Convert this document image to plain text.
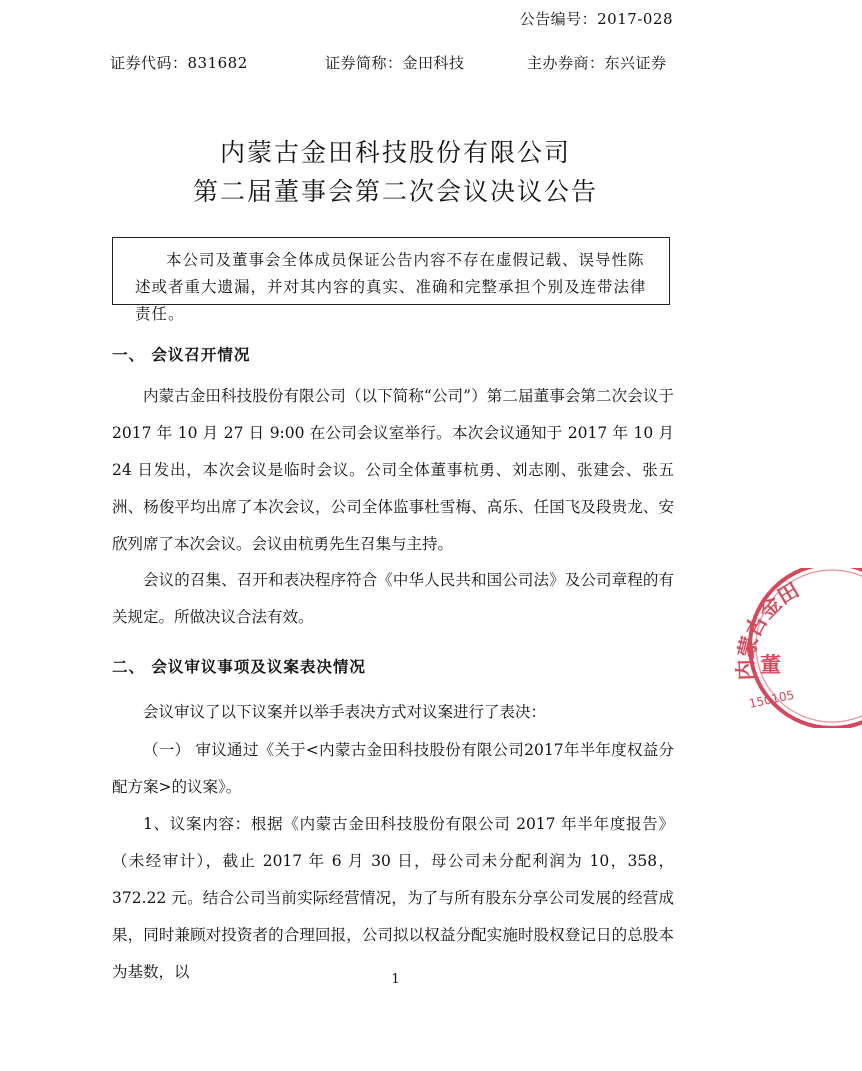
公告编号：2017-028
证券代码：831682	证券简称：金田科技	主办券商：东兴证券
内蒙古金田科技股份有限公司
第二届董事会第二次会议决议公告
本公司及董事会全体成员保证公告内容不存在虚假记载、误导性陈述或者重大遗漏，并对其内容的真实、准确和完整承担个别及连带法律责任。
一、 会议召开情况

内蒙古金田科技股份有限公司（以下简称“公司”）第二届董事会第二次会议于 2017 年 10 月 27 日 9:00 在公司会议室举行。本次会议通知于 2017 年 10 月 24 日发出，本次会议是临时会议。公司全体董事杭勇、刘志刚、张建会、张五洲、杨俊平均出席了本次会议，公司全体监事杜雪梅、高乐、任国飞及段贵龙、安欣列席了本次会议。会议由杭勇先生召集与主持。

会议的召集、召开和表决程序符合《中华人民共和国公司法》及公司章程的有关规定。所做决议合法有效。

二、 会议审议事项及议案表决情况

会议审议了以下议案并以举手表决方式对议案进行了表决：

（一） 审议通过《关于<内蒙古金田科技股份有限公司2017年半年度权益分配方案>的议案》。

1、议案内容：根据《内蒙古金田科技股份有限公司 2017 年半年度报告》（未经审计），截止 2017 年 6 月 30 日，母公司未分配利润为 10，358，372.22 元。结合公司当前实际经营情况，为了与所有股东分享公司发展的经营成果，同时兼顾对投资者的合理回报，公司拟以权益分配实施时股权登记日的总股本为基数，以	1
内蒙古金田
董
150105
